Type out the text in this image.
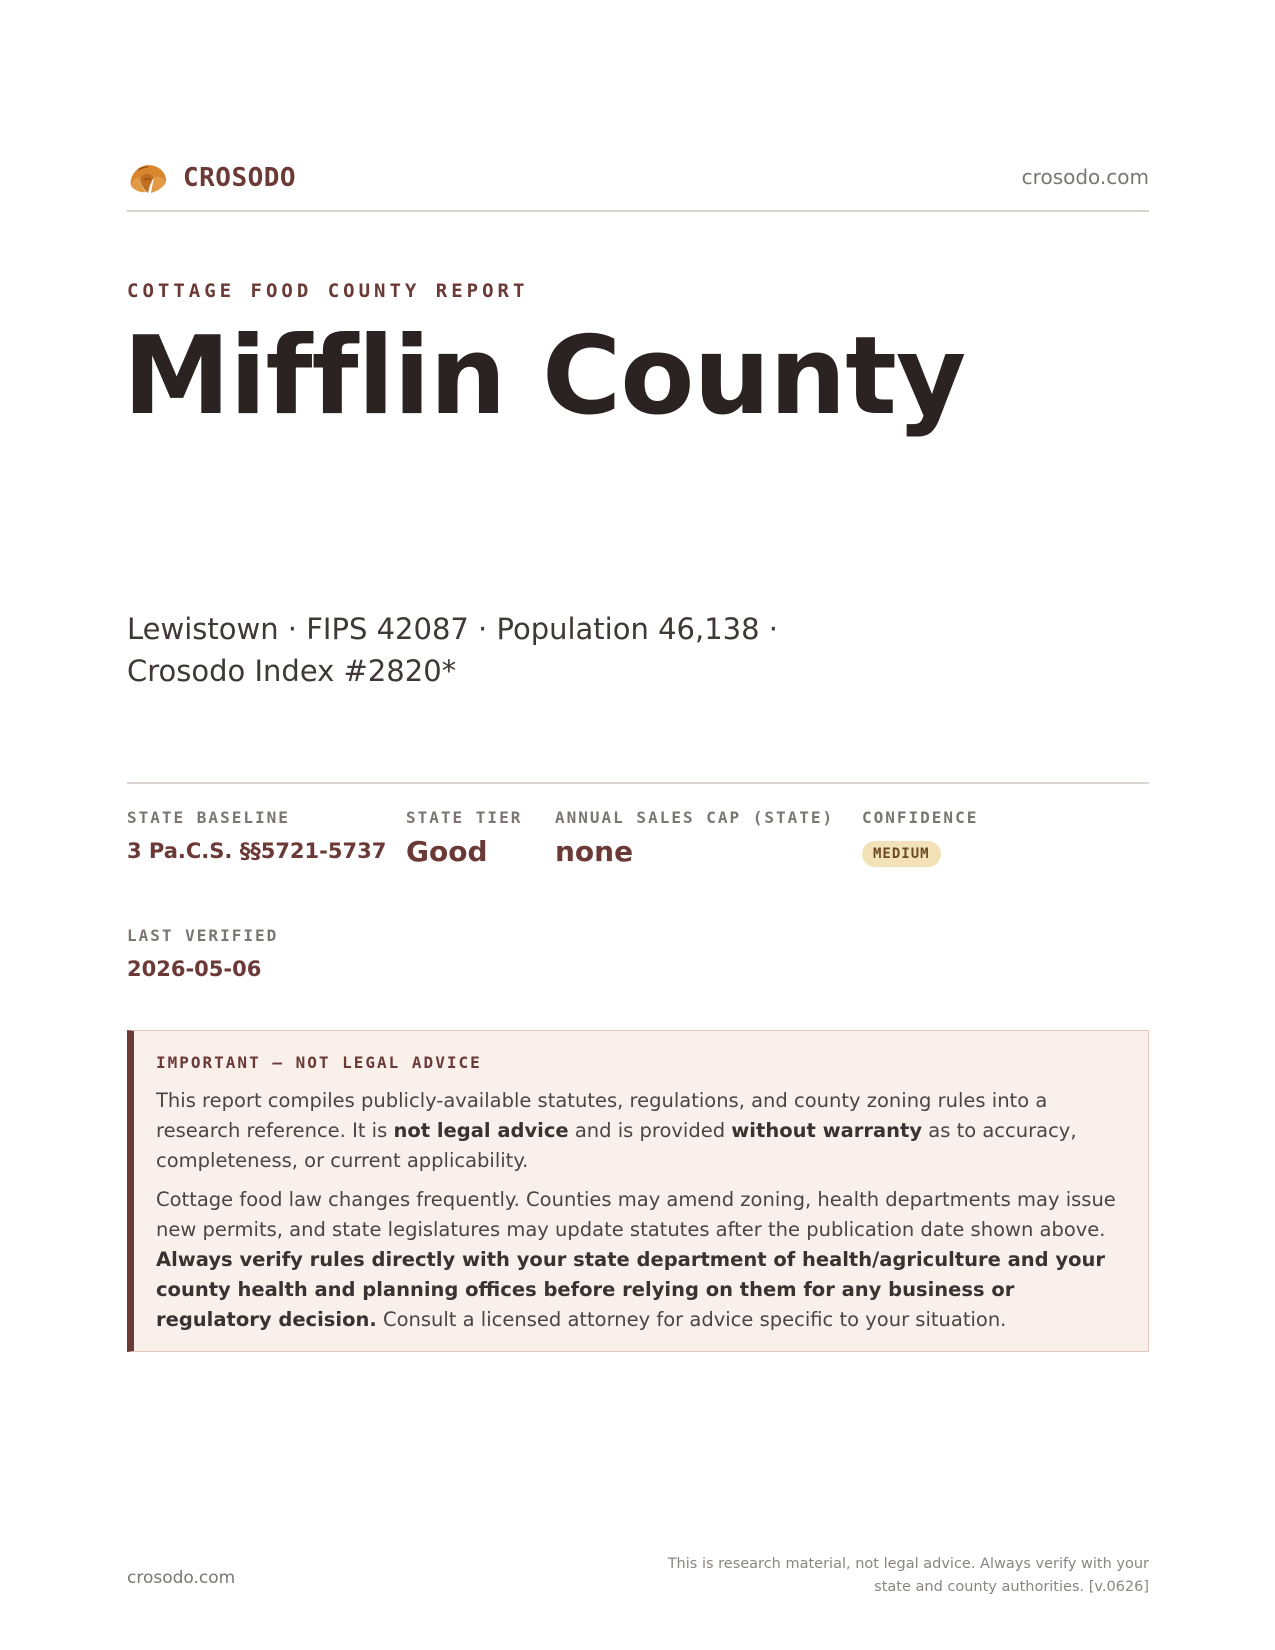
CROSODO	crosodo.com
COTTAGE FOOD COUNTY REPORT
Mifflin County
Lewistown · FIPS 42087 · Population 46,138 · Crosodo Index #2820*
STATE BASELINE
3 Pa.C.S. §§5721-5737
STATE TIER
Good
ANNUAL SALES CAP (STATE)
none
CONFIDENCE
MEDIUM
LAST VERIFIED
2026-05-06
IMPORTANT — NOT LEGAL ADVICE

This report compiles publicly-available statutes, regulations, and county zoning rules into a research reference. It is not legal advice and is provided without warranty as to accuracy, completeness, or current applicability.

Cottage food law changes frequently. Counties may amend zoning, health departments may issue new permits, and state legislatures may update statutes after the publication date shown above. Always verify rules directly with your state department of health/agriculture and your county health and planning offices before relying on them for any business or regulatory decision. Consult a licensed attorney for advice specific to your situation.

crosodo.com
This is research material, not legal advice. Always verify with your state and county authorities. [v.0626]
